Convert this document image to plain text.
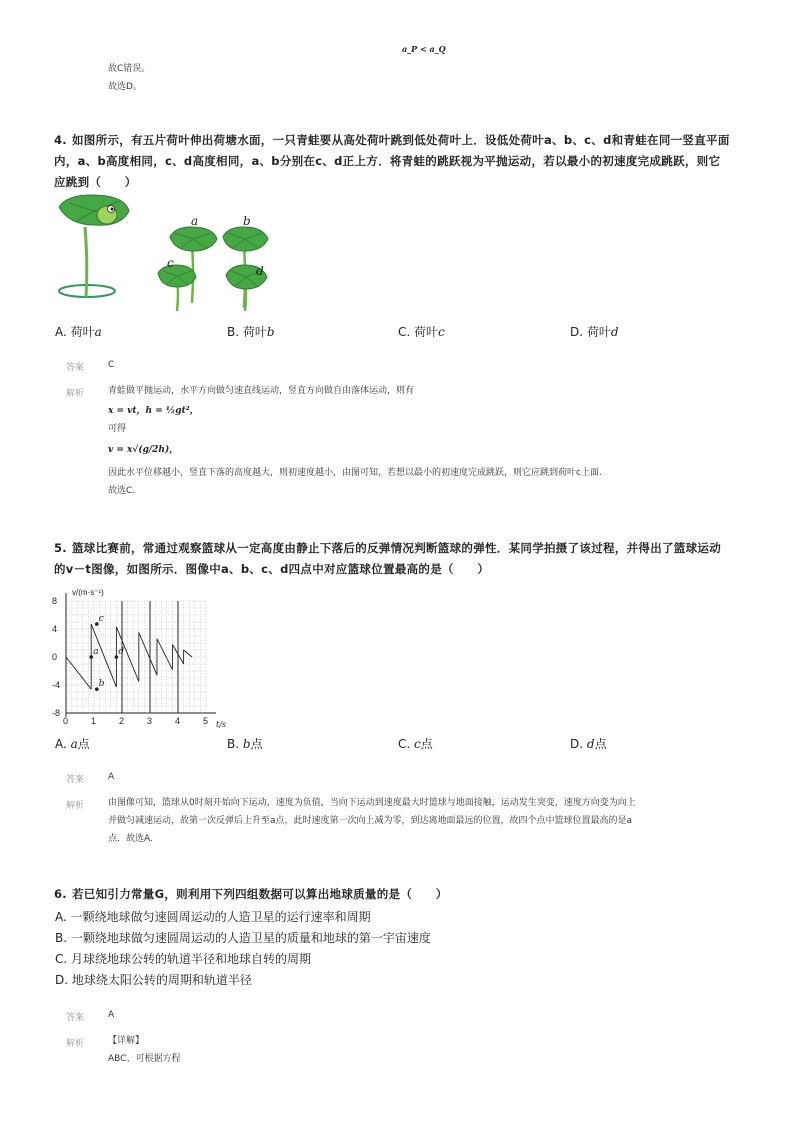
a_P < a_Q
故C错误。
故选D。
4. 如图所示，有五片荷叶伸出荷塘水面，一只青蛙要从高处荷叶跳到低处荷叶上．设低处荷叶a、b、c、d和青蛙在同一竖直平面
内，a、b高度相同，c、d高度相同，a、b分别在c、d正上方．将青蛙的跳跃视为平抛运动，若以最小的初速度完成跳跃，则它
应跳到（　　）
a	b
c
d
A. 荷叶a	B. 荷叶b	C. 荷叶c	D. 荷叶d
答案	C
解析	青蛙做平抛运动，水平方向做匀速直线运动，竖直方向做自由落体运动，则有
x = vt，h = ½gt²，
可得
v = x√(g/2h)，
因此水平位移越小，竖直下落的高度越大，则初速度越小，由图可知，若想以最小的初速度完成跳跃，则它应跳到荷叶c上面.
故选C.
5. 篮球比赛前，常通过观察篮球从一定高度由静止下落后的反弹情况判断篮球的弹性．某同学拍摄了该过程，并得出了篮球运动
的v－t图像，如图所示．图像中a、b、c、d四点中对应篮球位置最高的是（　　）
0	1	2	3	4	5
8
4
0
-4
-8
a
b
c
d
v/(m·s⁻¹)
t/s
A. a点	B. b点	C. c点	D. d点
答案	A
解析	由图像可知，篮球从0时刻开始向下运动，速度为负值，当向下运动到速度最大时篮球与地面接触，运动发生突变，速度方向变为向上
并做匀减速运动，故第一次反弹后上升至a点，此时速度第一次向上减为零，到达离地面最远的位置，故四个点中篮球位置最高的是a
点．故选A.
6. 若已知引力常量G，则利用下列四组数据可以算出地球质量的是（　　）
A. 一颗绕地球做匀速圆周运动的人造卫星的运行速率和周期
B. 一颗绕地球做匀速圆周运动的人造卫星的质量和地球的第一宇宙速度
C. 月球绕地球公转的轨道半径和地球自转的周期
D. 地球绕太阳公转的周期和轨道半径
答案	A
解析	【详解】
ABC、可根据方程
